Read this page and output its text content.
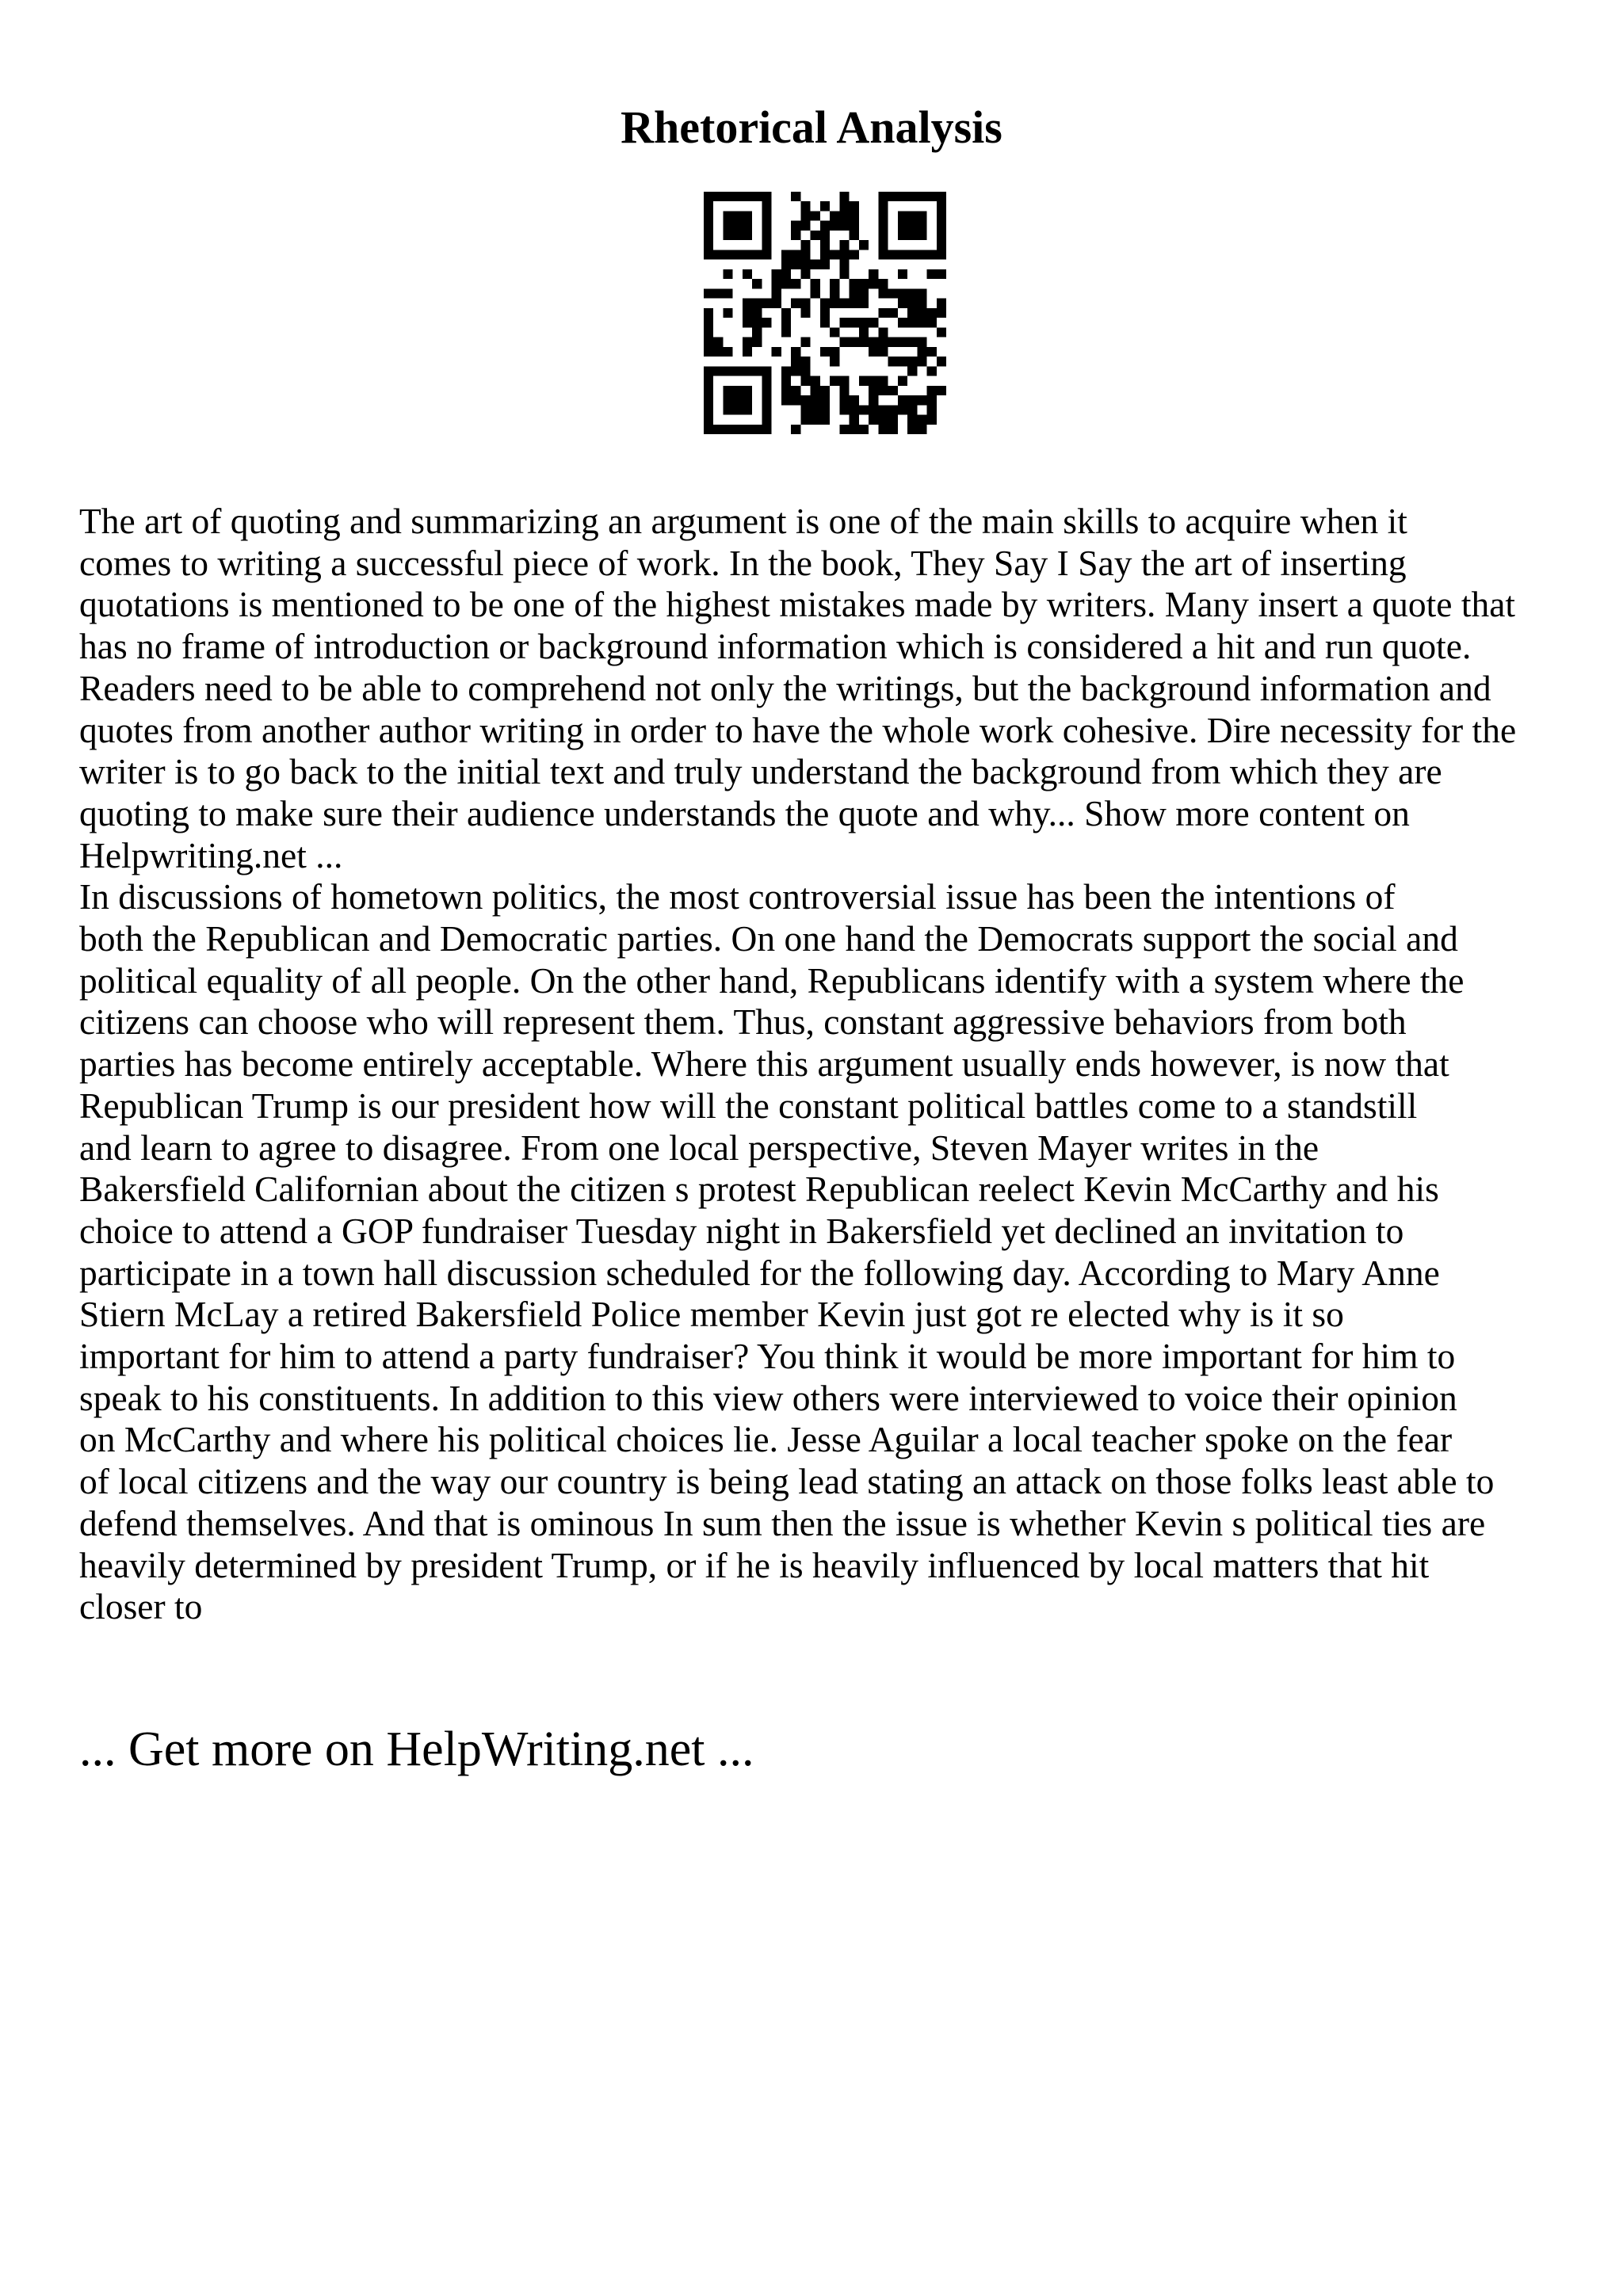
Rhetorical Analysis
The art of quoting and summarizing an argument is one of the main skills to acquire when it
comes to writing a successful piece of work. In the book, They Say I Say the art of inserting
quotations is mentioned to be one of the highest mistakes made by writers. Many insert a quote that
has no frame of introduction or background information which is considered a hit and run quote.
Readers need to be able to comprehend not only the writings, but the background information and
quotes from another author writing in order to have the whole work cohesive. Dire necessity for the
writer is to go back to the initial text and truly understand the background from which they are
quoting to make sure their audience understands the quote and why... Show more content on
Helpwriting.net ...
In discussions of hometown politics, the most controversial issue has been the intentions of
both the Republican and Democratic parties. On one hand the Democrats support the social and
political equality of all people. On the other hand, Republicans identify with a system where the
citizens can choose who will represent them. Thus, constant aggressive behaviors from both
parties has become entirely acceptable. Where this argument usually ends however, is now that
Republican Trump is our president how will the constant political battles come to a standstill
and learn to agree to disagree. From one local perspective, Steven Mayer writes in the
Bakersfield Californian about the citizen s protest Republican reelect Kevin McCarthy and his
choice to attend a GOP fundraiser Tuesday night in Bakersfield yet declined an invitation to
participate in a town hall discussion scheduled for the following day. According to Mary Anne
Stiern McLay a retired Bakersfield Police member Kevin just got re elected why is it so
important for him to attend a party fundraiser? You think it would be more important for him to
speak to his constituents. In addition to this view others were interviewed to voice their opinion
on McCarthy and where his political choices lie. Jesse Aguilar a local teacher spoke on the fear
of local citizens and the way our country is being lead stating an attack on those folks least able to
defend themselves. And that is ominous In sum then the issue is whether Kevin s political ties are
heavily determined by president Trump, or if he is heavily influenced by local matters that hit
closer to
... Get more on HelpWriting.net ...
